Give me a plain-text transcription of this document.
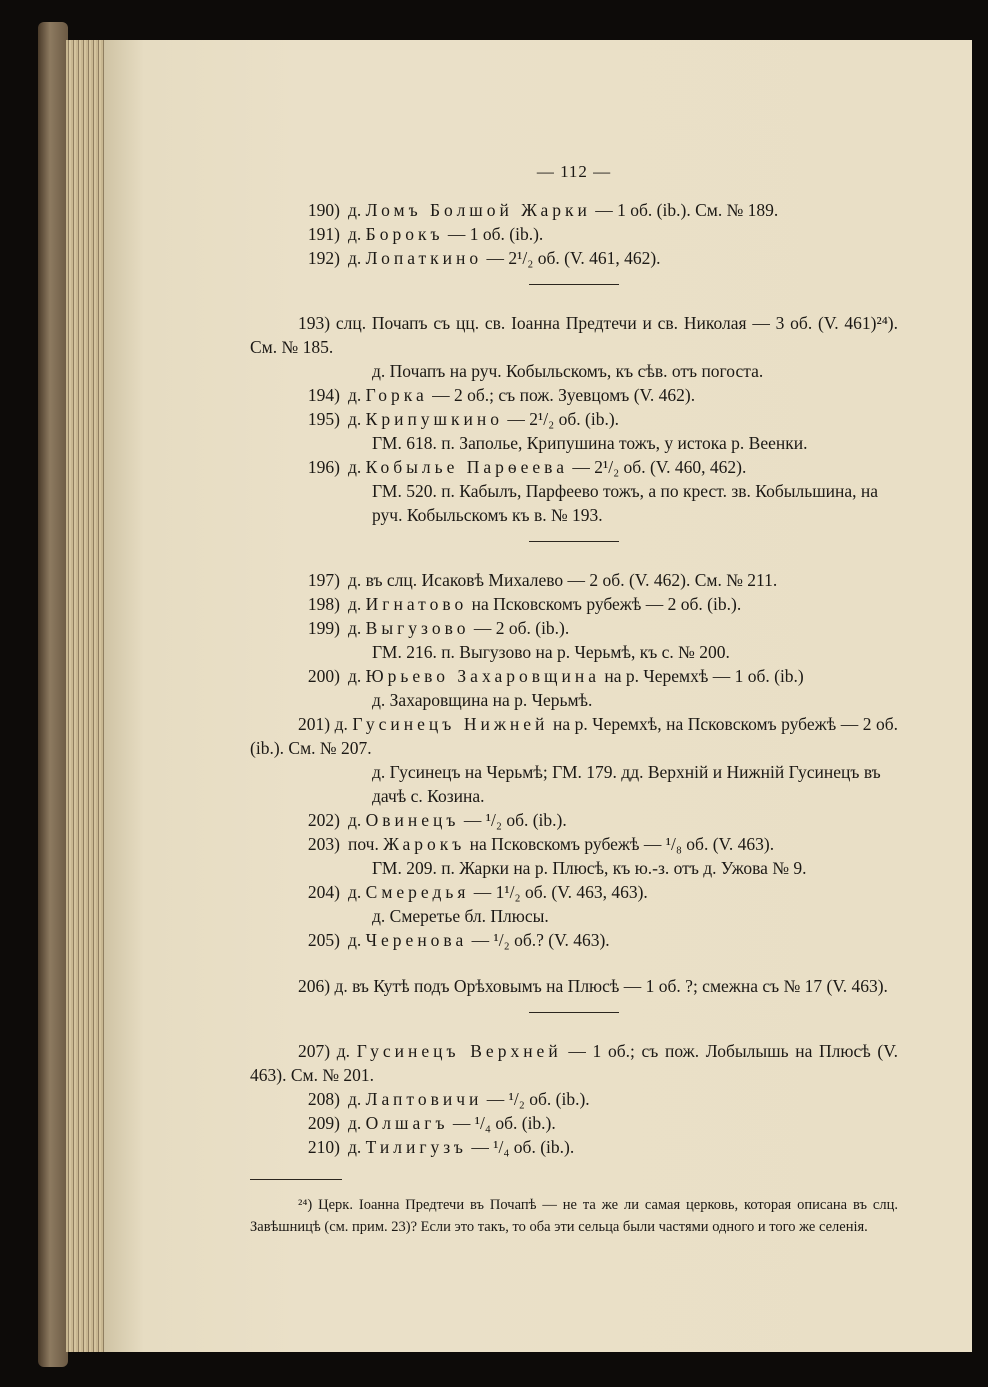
— 112 —
190) д. Ломъ Болшой Жарки — 1 об. (ib.). См. № 189.
191) д. Борокъ — 1 об. (ib.).
192) д. Лопаткино — 2¹/₂ об. (V. 461, 462).
193) слц. Почапъ съ цц. св. Іоанна Предтечи и св. Николая — 3 об. (V. 461)²⁴). См. № 185.
д. Почапъ на руч. Кобыльскомъ, къ сѣв. отъ погоста.
194) д. Горка — 2 об.; съ пож. Зуевцомъ (V. 462).
195) д. Крипушкино — 2¹/₂ об. (ib.).
ГМ. 618. п. Заполье, Крипушина тожъ, у истока р. Веенки.
196) д. Кобылье Парѳеева — 2¹/₂ об. (V. 460, 462).
ГМ. 520. п. Кабылъ, Парфеево тожъ, а по крест. зв. Кобыльшина, на руч. Кобыльскомъ къ в. № 193.
197) д. въ слц. Исаковѣ Михалево — 2 об. (V. 462). См. № 211.
198) д. Игнатово на Псковскомъ рубежѣ — 2 об. (ib.).
199) д. Выгузово — 2 об. (ib.).
ГМ. 216. п. Выгузово на р. Черьмѣ, къ с. № 200.
200) д. Юрьево Захаровщина на р. Черемхѣ — 1 об. (ib.)
д. Захаровщина на р. Черьмѣ.
201) д. Гусинецъ Нижней на р. Черемхѣ, на Псковскомъ рубежѣ — 2 об. (ib.). См. № 207.
д. Гусинецъ на Черьмѣ; ГМ. 179. дд. Верхній и Нижній Гусинецъ въ дачѣ с. Козина.
202) д. Овинецъ — ¹/₂ об. (ib.).
203) поч. Жарокъ на Псковскомъ рубежѣ — ¹/₈ об. (V. 463).
ГМ. 209. п. Жарки на р. Плюсѣ, къ ю.-з. отъ д. Ужова № 9.
204) д. Смередья — 1¹/₂ об. (V. 463, 463).
д. Смеретье бл. Плюсы.
205) д. Черенова — ¹/₂ об.? (V. 463).
206) д. въ Кутѣ подъ Орѣховымъ на Плюсѣ — 1 об. ?; смежна съ № 17 (V. 463).
207) д. Гусинецъ Верхней — 1 об.; съ пож. Лобылышь на Плюсѣ (V. 463). См. № 201.
208) д. Лаптовичи — ¹/₂ об. (ib.).
209) д. Олшагъ — ¹/₄ об. (ib.).
210) д. Тилигузъ — ¹/₄ об. (ib.).
²⁴) Церк. Іоанна Предтечи въ Почапѣ — не та же ли самая церковь, которая описана въ слц. Завѣшницѣ (см. прим. 23)? Если это такъ, то оба эти сельца были частями одного и того же селенія.
